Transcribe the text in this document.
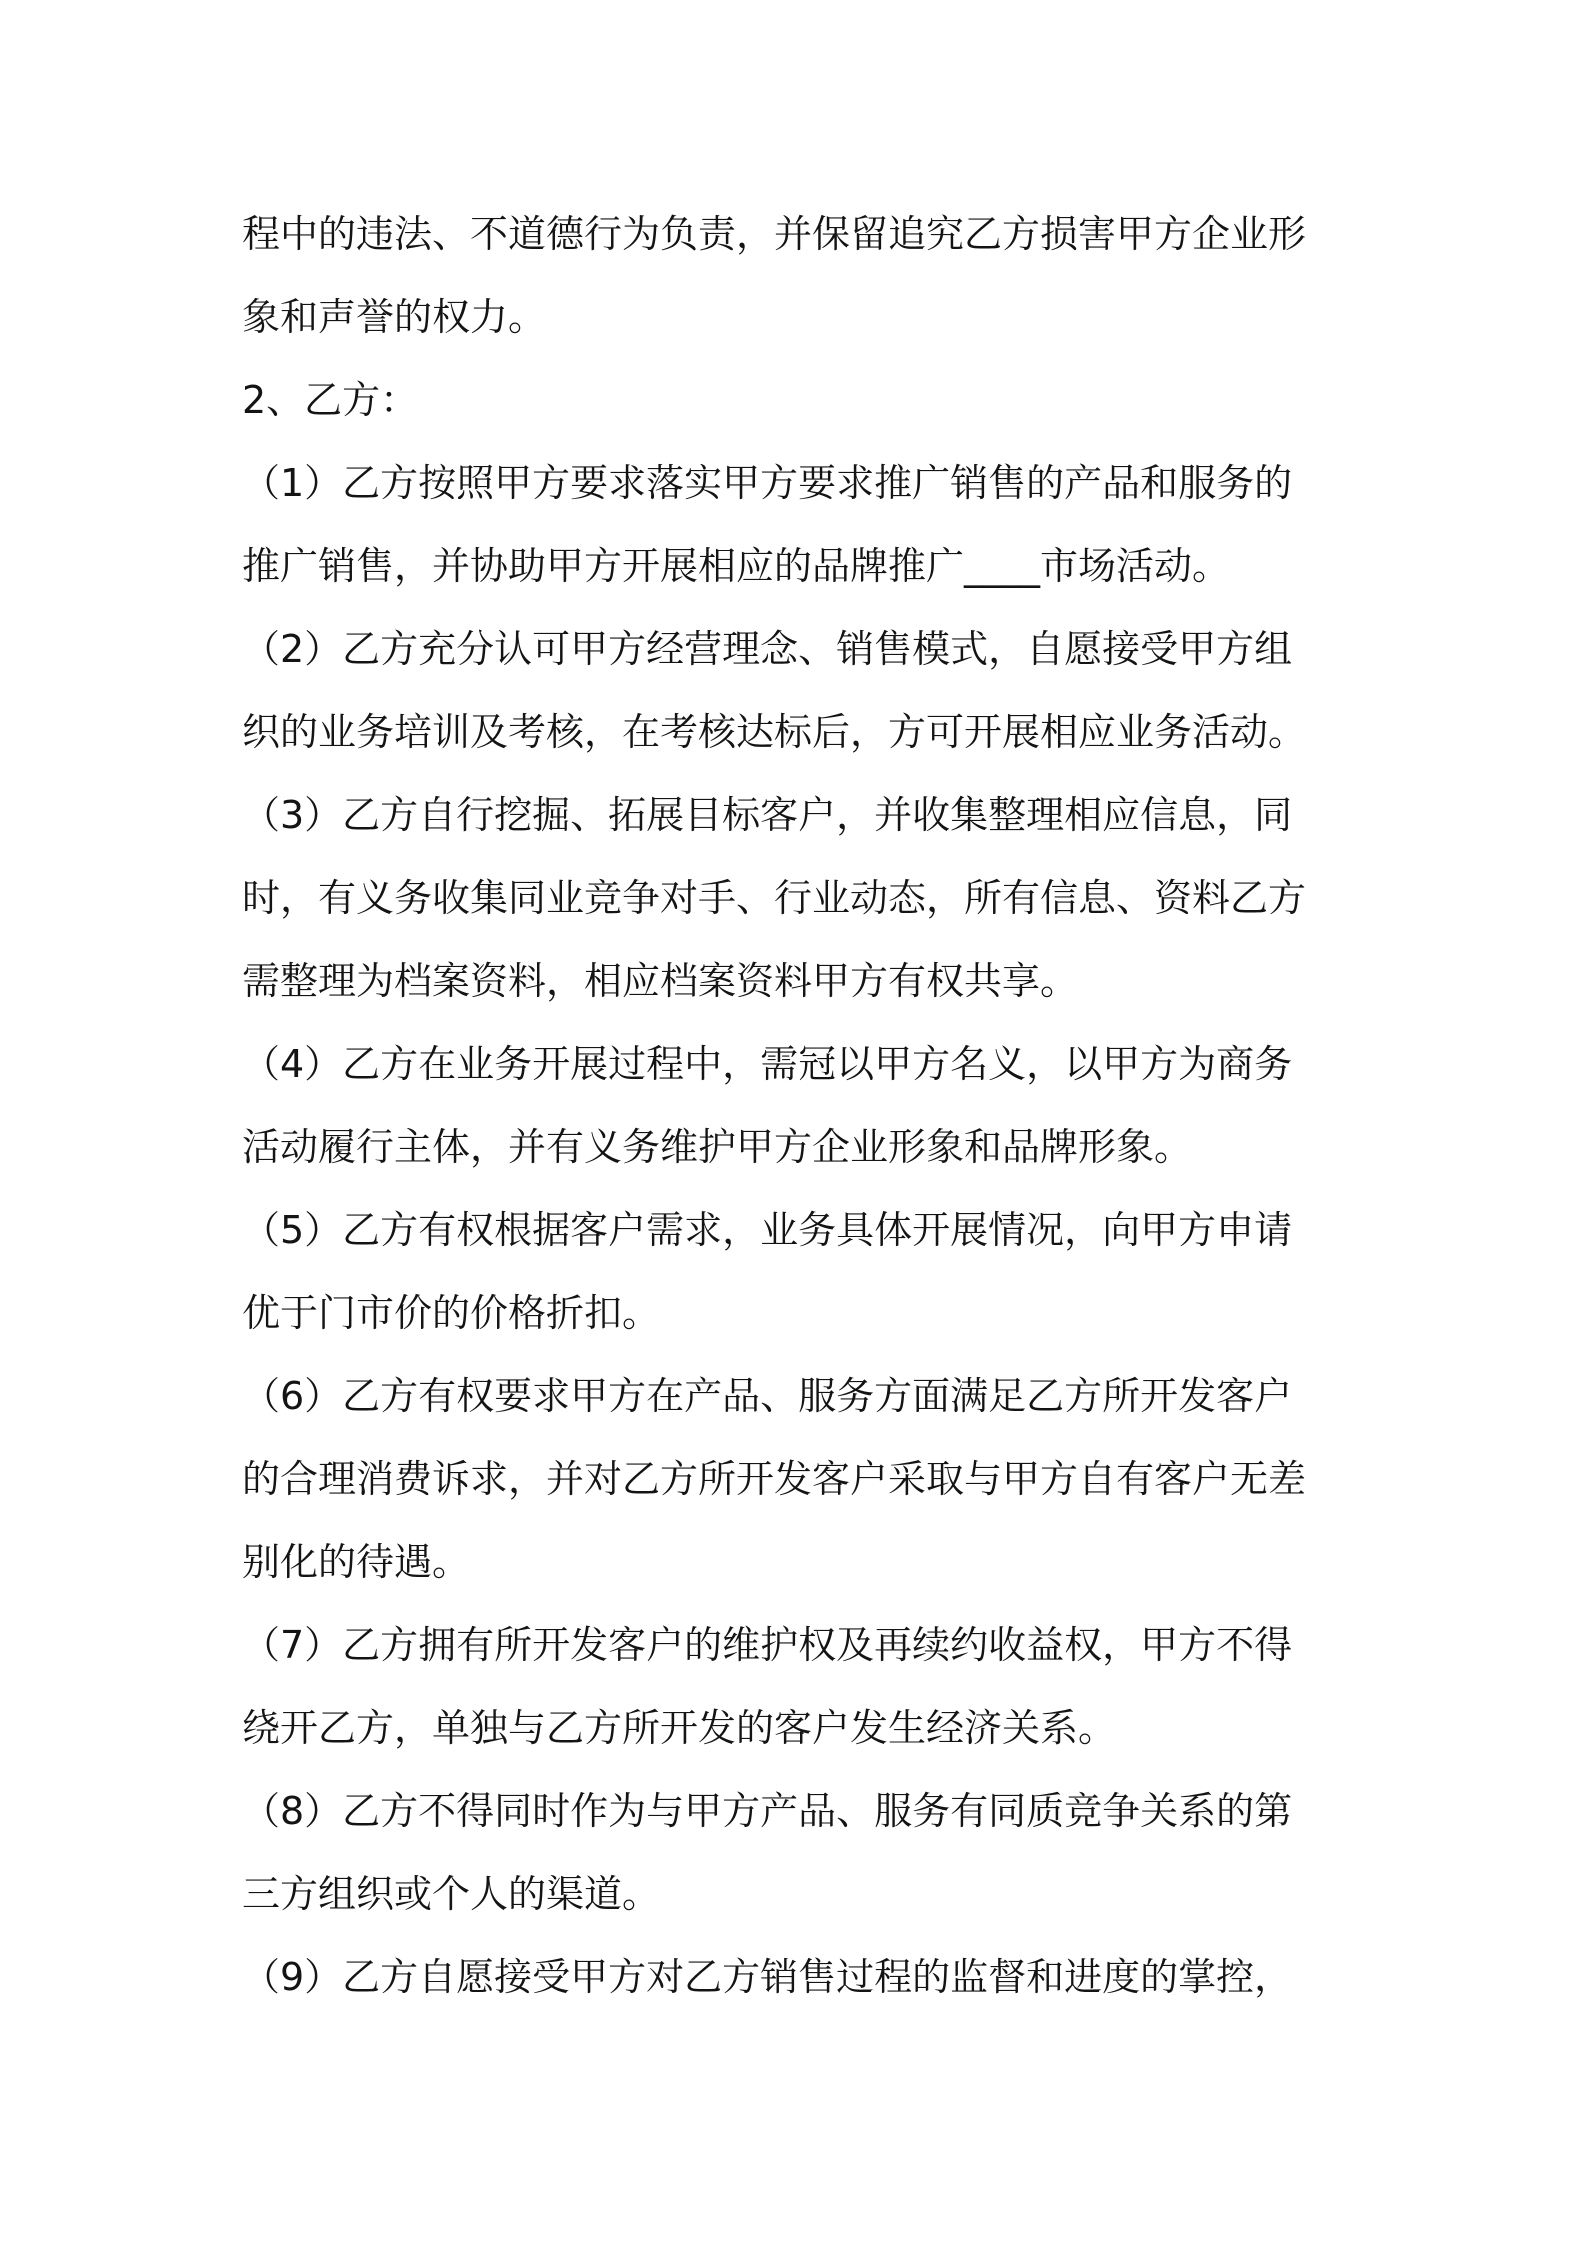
程中的违法、不道德行为负责，并保留追究乙方损害甲方企业形
象和声誉的权力。
2、乙方：
（1）乙方按照甲方要求落实甲方要求推广销售的产品和服务的
推广销售，并协助甲方开展相应的品牌推广____市场活动。
（2）乙方充分认可甲方经营理念、销售模式，自愿接受甲方组
织的业务培训及考核，在考核达标后，方可开展相应业务活动。
（3）乙方自行挖掘、拓展目标客户，并收集整理相应信息，同
时，有义务收集同业竞争对手、行业动态，所有信息、资料乙方
需整理为档案资料，相应档案资料甲方有权共享。
（4）乙方在业务开展过程中，需冠以甲方名义，以甲方为商务
活动履行主体，并有义务维护甲方企业形象和品牌形象。
（5）乙方有权根据客户需求，业务具体开展情况，向甲方申请
优于门市价的价格折扣。
（6）乙方有权要求甲方在产品、服务方面满足乙方所开发客户
的合理消费诉求，并对乙方所开发客户采取与甲方自有客户无差
别化的待遇。
（7）乙方拥有所开发客户的维护权及再续约收益权，甲方不得
绕开乙方，单独与乙方所开发的客户发生经济关系。
（8）乙方不得同时作为与甲方产品、服务有同质竞争关系的第
三方组织或个人的渠道。
（9）乙方自愿接受甲方对乙方销售过程的监督和进度的掌控，
